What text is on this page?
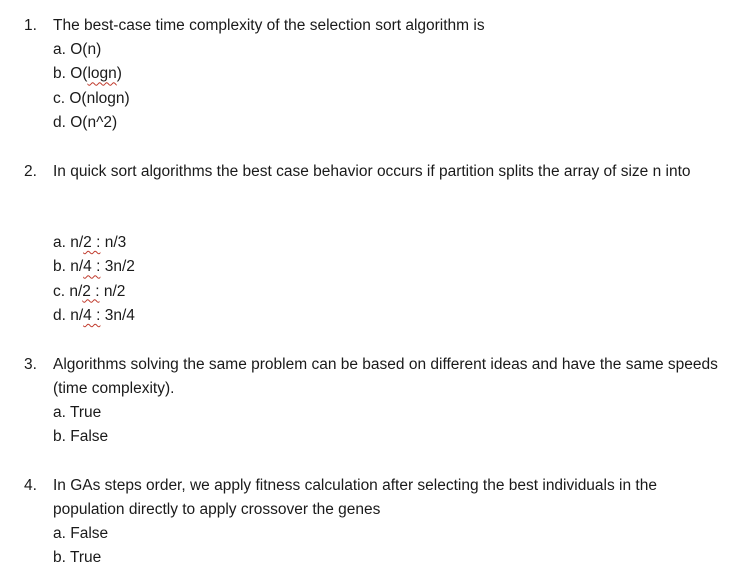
1. The best-case time complexity of the selection sort algorithm is
a. O(n)
b. O(logn)
c. O(nlogn)
d. O(n^2)
2. In quick sort algorithms the best case behavior occurs if partition splits the array of size n into
a. n/2 : n/3
b. n/4 : 3n/2
c. n/2 : n/2
d. n/4 : 3n/4
3. Algorithms solving the same problem can be based on different ideas and have the same speeds (time complexity).
a. True
b. False
4. In GAs steps order, we apply fitness calculation after selecting the best individuals in the population directly to apply crossover the genes
a. False
b. True
